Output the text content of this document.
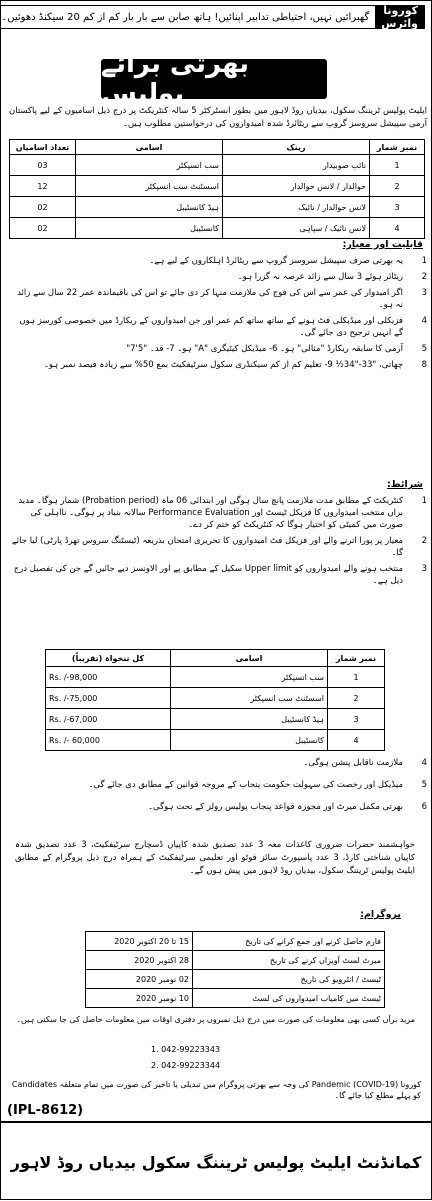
کورونا وائرس
گھبرائیں نہیں، احتیاطی تدابیر اپنائیں! ہاتھ صابن سے بار بار کم از کم 20 سیکنڈ دھوئیں۔
بھرتی برائے پولیس
ایلیٹ پولیس ٹریننگ سکول، بیدیاں روڈ لاہور میں بطور انسٹرکٹر 5 سالہ کنٹریکٹ پر درج ذیل اسامیوں کے لیے پاکستان آرمی سپیشل سروسز گروپ سے ریٹائرڈ شدہ امیدواروں کی درخواستیں مطلوب ہیں۔
نمبر شمار	رینک	اسامی	تعداد اسامیاں
1	نائب صوبیدار	سب انسپکٹر	03
2	حوالدار / لانس حوالدار	اسسٹنٹ سب انسپکٹر	12
3	لانس حوالدار / نائیک	ہیڈ کانسٹیبل	02
4	لانس نائیک / سپاہی	کانسٹیبل	02
قابلیت اور معیار:
1
یہ بھرتی صرف سپیشل سروسز گروپ سے ریٹائرڈ اہلکاروں کے لیے ہے۔
2
ریٹائر ہوئے 3 سال سے زائد عرصہ نہ گزرا ہو۔
3
اگر امیدوار کی عمر سے اس کی فوج کی ملازمت منہا کر دی جائے تو اس کی باقیماندہ عمر 22 سال سے زائد نہ ہو۔
4
فزیکلی اور میڈیکلی فٹ ہونے کے ساتھ ساتھ کم عمر اور جن امیدواروں کے ریکارڈ میں خصوصی کورسز ہوں گے انہیں ترجیح دی جائے گی۔
5
آرمی کا سابقہ ریکارڈ "مثالی" ہو۔ 6- میڈیکل کیٹیگری "A" ہو۔ 7- قد۔ "5'7"
8
چھاتی، "33-"34½ 9- تعلیم کم از کم سیکنڈری سکول سرٹیفکیٹ بمع 50% سے زیادہ فیصد نمبر ہو۔
شرائط:
1
کنٹریکٹ کے مطابق مدت ملازمت پانچ سال ہوگی اور ابتدائی 06 ماہ (Probation period) شمار ہوگا۔ مدید براں منتخب امیدواروں کا فزیکل ٹیسٹ اور Performance Evaluation سالانہ بنیاد پر ہوگی۔ نااہلی کی صورت میں کمیٹی کو اختیار ہوگا کہ کنٹریکٹ کو ختم کر دے۔
2
معیار پر پورا اترنے والے اور فزیکل فٹ امیدواروں کا تحریری امتحان بذریعہ (ٹیسٹنگ سروس تھرڈ پارٹی) لیا جائے گا۔
3
منتخب ہونے والے امیدواروں کو Upper limit سکیل کے مطابق پے اور الاونسز دیے جائیں گے جن کی تفصیل درج ذیل ہے۔
نمبر شمار	اسامی	کل تنخواہ (تقریباً)
1	سب انسپکٹر	Rs. /-98,000
2	اسسٹنٹ سب انسپکٹر	Rs. /-75,000
3	ہیڈ کانسٹیبل	Rs. /-67,000
4	کانسٹیبل	Rs. /- 60,000
4
ملازمت ناقابل پنشن ہوگی۔
5
میڈیکل اور رخصت کی سہولت حکومت پنجاب کے مروجہ قوانین کے مطابق دی جائے گی۔
6
بھرتی مکمل میرٹ اور مجوزہ قواعد پنجاب پولیس رولز کے تحت ہوگی۔
خواہشمند حضرات ضروری کاغذات معہ 3 عدد تصدیق شدہ کاپیاں ڈسچارج سرٹیفکیٹ، 3 عدد تصدیق شدہ کاپیاں شناختی کارڈ، 3 عدد پاسپورٹ سائز فوٹو اور تعلیمی سرٹیفکیٹ کے ہمراہ درج ذیل پروگرام کے مطابق ایلیٹ پولیس ٹریننگ سکول، بیدیاں روڈ لاہور میں پیش ہوں گے۔
پروگرام:
فارم حاصل کرنے اور جمع کرانے کی تاریخ	15 تا 20 اکتوبر 2020
میرٹ لسٹ آویزاں کرنے کی تاریخ	28 اکتوبر 2020
ٹیسٹ / انٹرویو کی تاریخ	02 نومبر 2020
ٹیسٹ میں کامیاب امیدواروں کی لسٹ	10 نومبر 2020
مزید برآں کسی بھی معلومات کی صورت میں درج ذیل نمبروں پر دفتری اوقات میں معلومات حاصل کی جا سکتی ہیں۔
1. 042-99223343
2. 042-99223344
کورونا Pandemic (COVID-19) کی وجہ سے بھرتی پروگرام میں تبدیلی یا تاخیر کی صورت میں تمام متعلقہ Candidates کو پہلے مطلع کیا جائے گا۔
(IPL-8612)
کمانڈنٹ ایلیٹ پولیس ٹریننگ سکول بیدیاں روڈ لاہور
